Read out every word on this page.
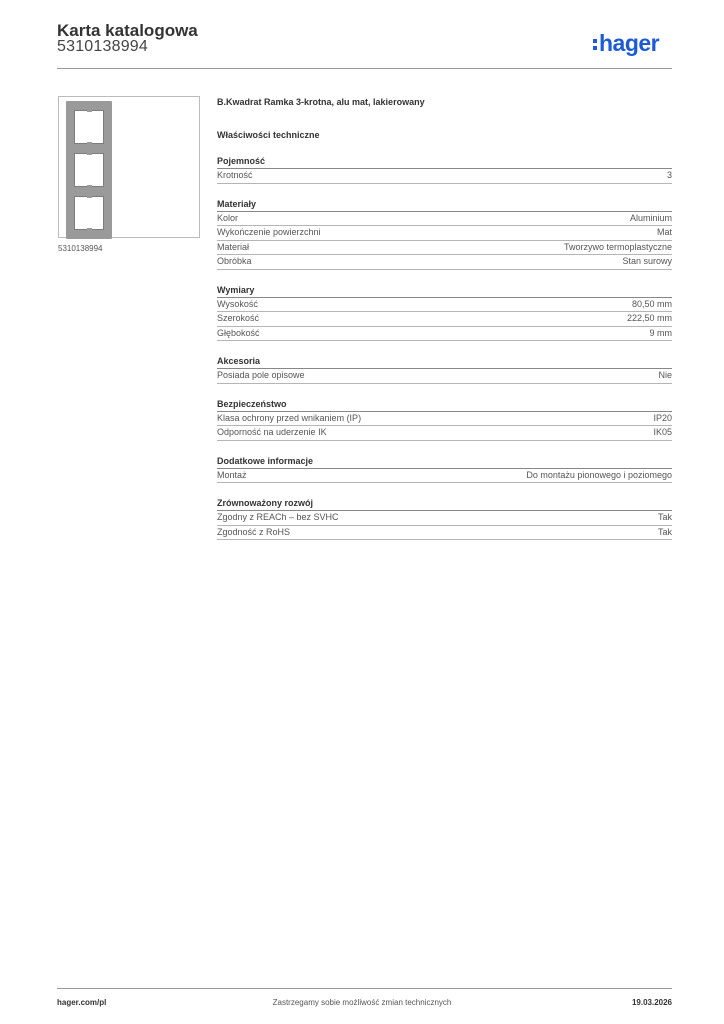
Karta katalogowa
5310138994	hager
5310138994
B.Kwadrat Ramka 3-krotna, alu mat, lakierowany
Właściwości techniczne
Pojemność
Krotność	3
Materiały
Kolor	Aluminium
Wykończenie powierzchni	Mat
Materiał	Tworzywo termoplastyczne
Obróbka	Stan surowy
Wymiary
Wysokość	80,50 mm
Szerokość	222,50 mm
Głębokość	9 mm
Akcesoria
Posiada pole opisowe	Nie
Bezpieczeństwo
Klasa ochrony przed wnikaniem (IP)	IP20
Odporność na uderzenie IK	IK05
Dodatkowe informacje
Montaż	Do montażu pionowego i poziomego
Zrównoważony rozwój
Zgodny z REACh – bez SVHC	Tak
Zgodność z RoHS	Tak
hager.com/pl	Zastrzegamy sobie możliwość zmian technicznych	19.03.2026
